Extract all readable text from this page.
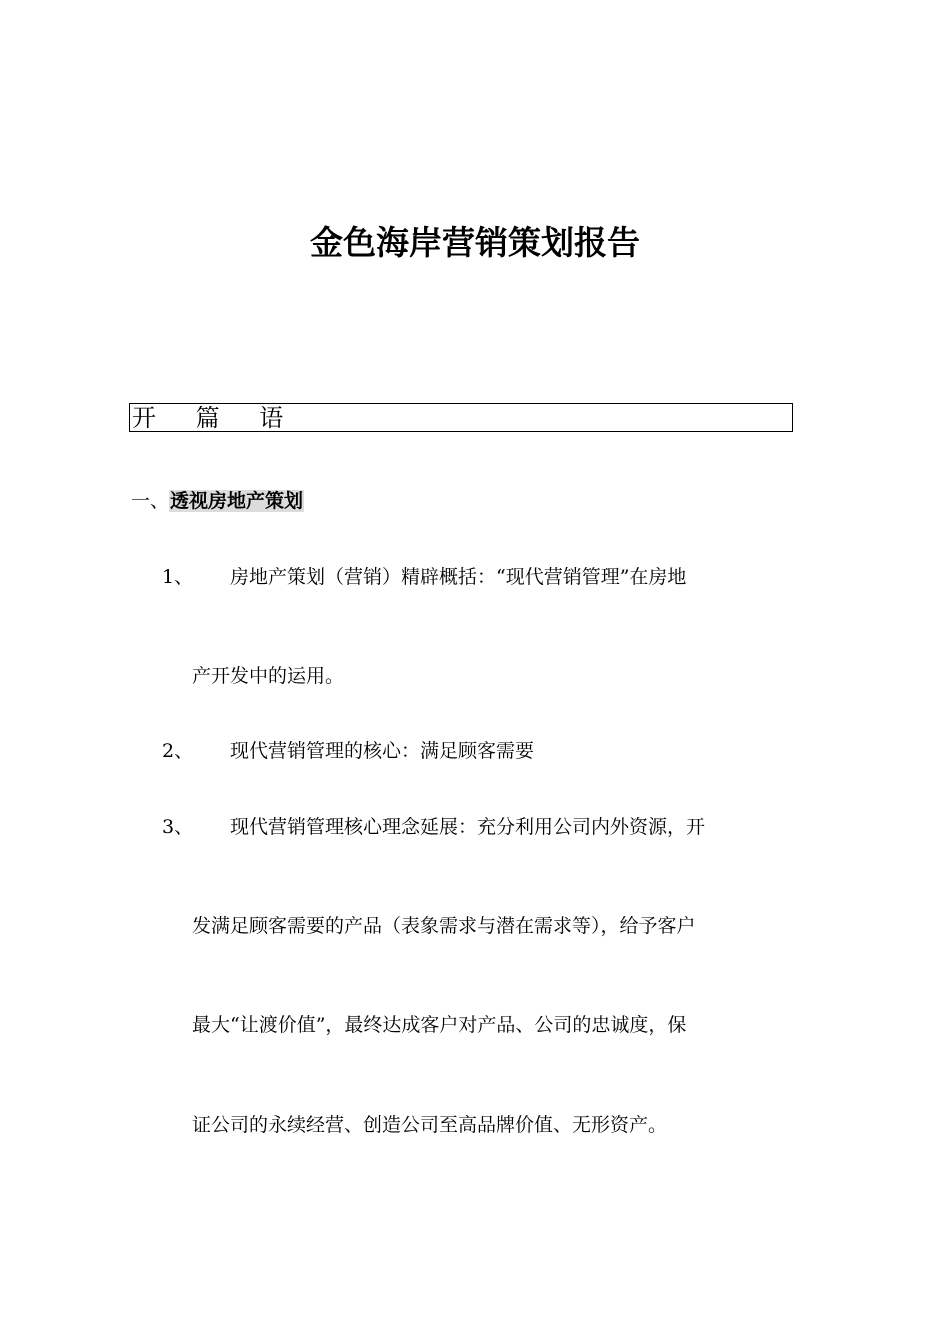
金色海岸营销策划报告
开 篇 语
一、透视房地产策划
1、 房地产策划（营销）精辟概括：“现代营销管理”在房地
产开发中的运用。
2、 现代营销管理的核心：满足顾客需要
3、 现代营销管理核心理念延展：充分利用公司内外资源，开
发满足顾客需要的产品（表象需求与潜在需求等），给予客户
最大“让渡价值”，最终达成客户对产品、公司的忠诚度，保
证公司的永续经营、创造公司至高品牌价值、无形资产。
